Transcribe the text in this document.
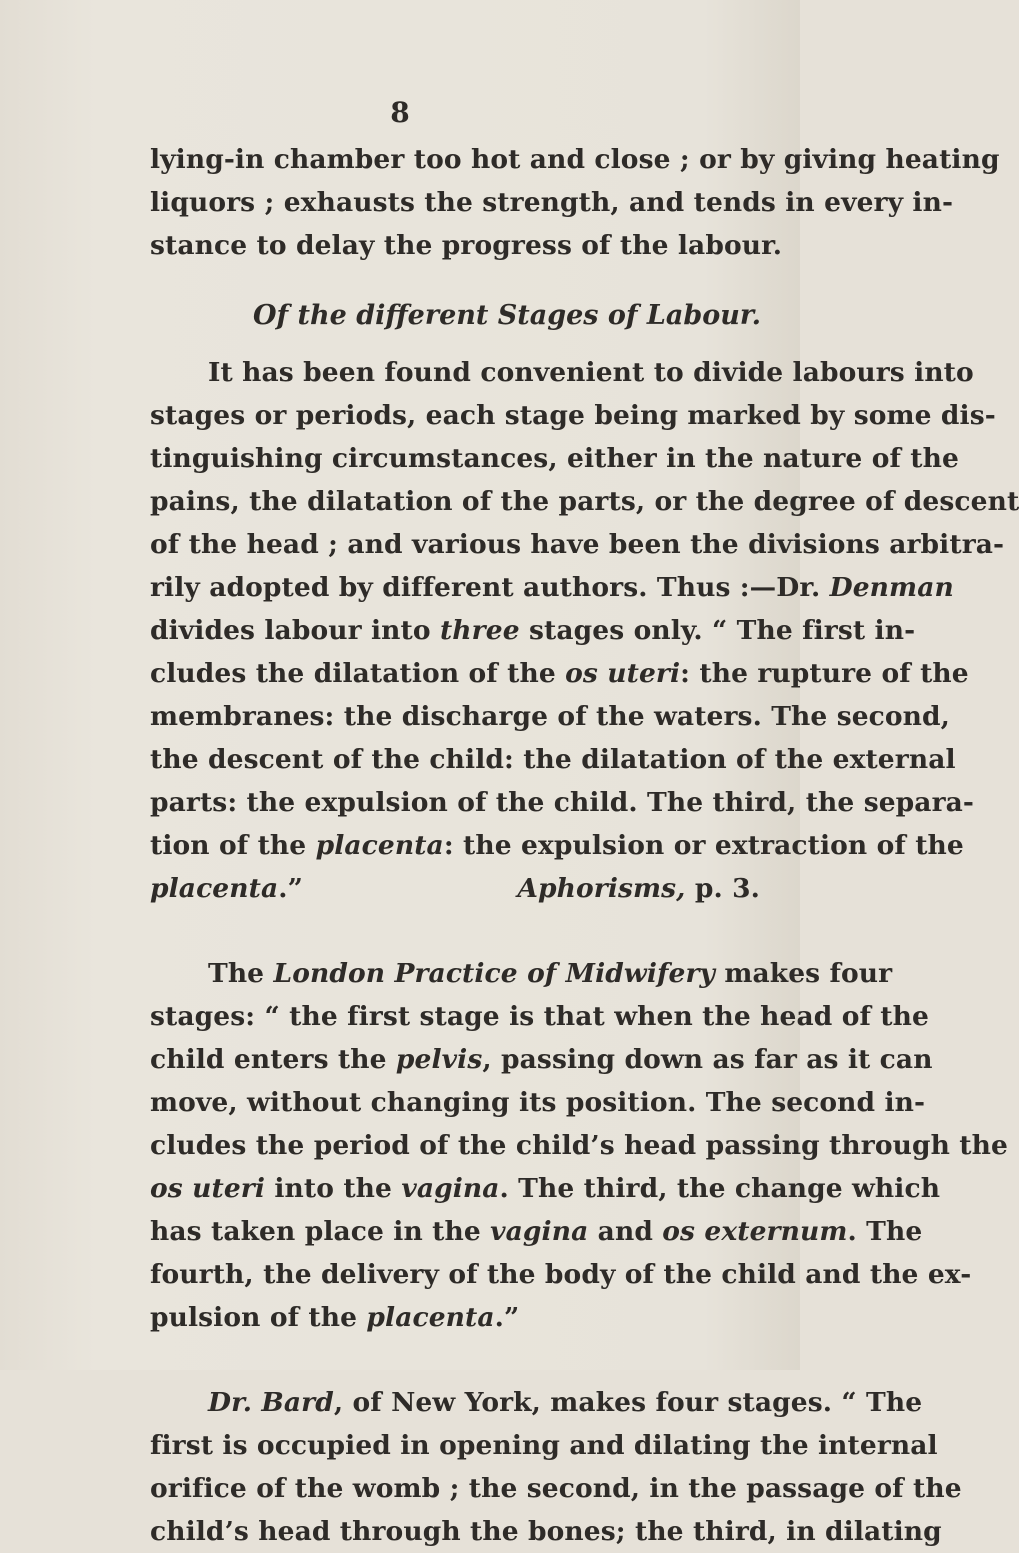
8
lying-in chamber too hot and close ; or by giving heating
liquors ; exhausts the strength, and tends in every in-
stance to delay the progress of the labour.
Of the different Stages of Labour.
It has been found convenient to divide labours into
stages or periods, each stage being marked by some dis-
tinguishing circumstances, either in the nature of the
pains, the dilatation of the parts, or the degree of descent
of the head ; and various have been the divisions arbitra-
rily adopted by different authors. Thus :—Dr. Denman
divides labour into three stages only. “ The first in-
cludes the dilatation of the os uteri: the rupture of the
membranes: the discharge of the waters. The second,
the descent of the child: the dilatation of the external
parts: the expulsion of the child. The third, the separa-
tion of the placenta: the expulsion or extraction of the
placenta.”	Aphorisms, p. 3.
The London Practice of Midwifery makes four
stages: “ the first stage is that when the head of the
child enters the pelvis, passing down as far as it can
move, without changing its position. The second in-
cludes the period of the child’s head passing through the
os uteri into the vagina. The third, the change which
has taken place in the vagina and os externum. The
fourth, the delivery of the body of the child and the ex-
pulsion of the placenta.”
Dr. Bard, of New York, makes four stages. “ The
first is occupied in opening and dilating the internal
orifice of the womb ; the second, in the passage of the
child’s head through the bones; the third, in dilating
